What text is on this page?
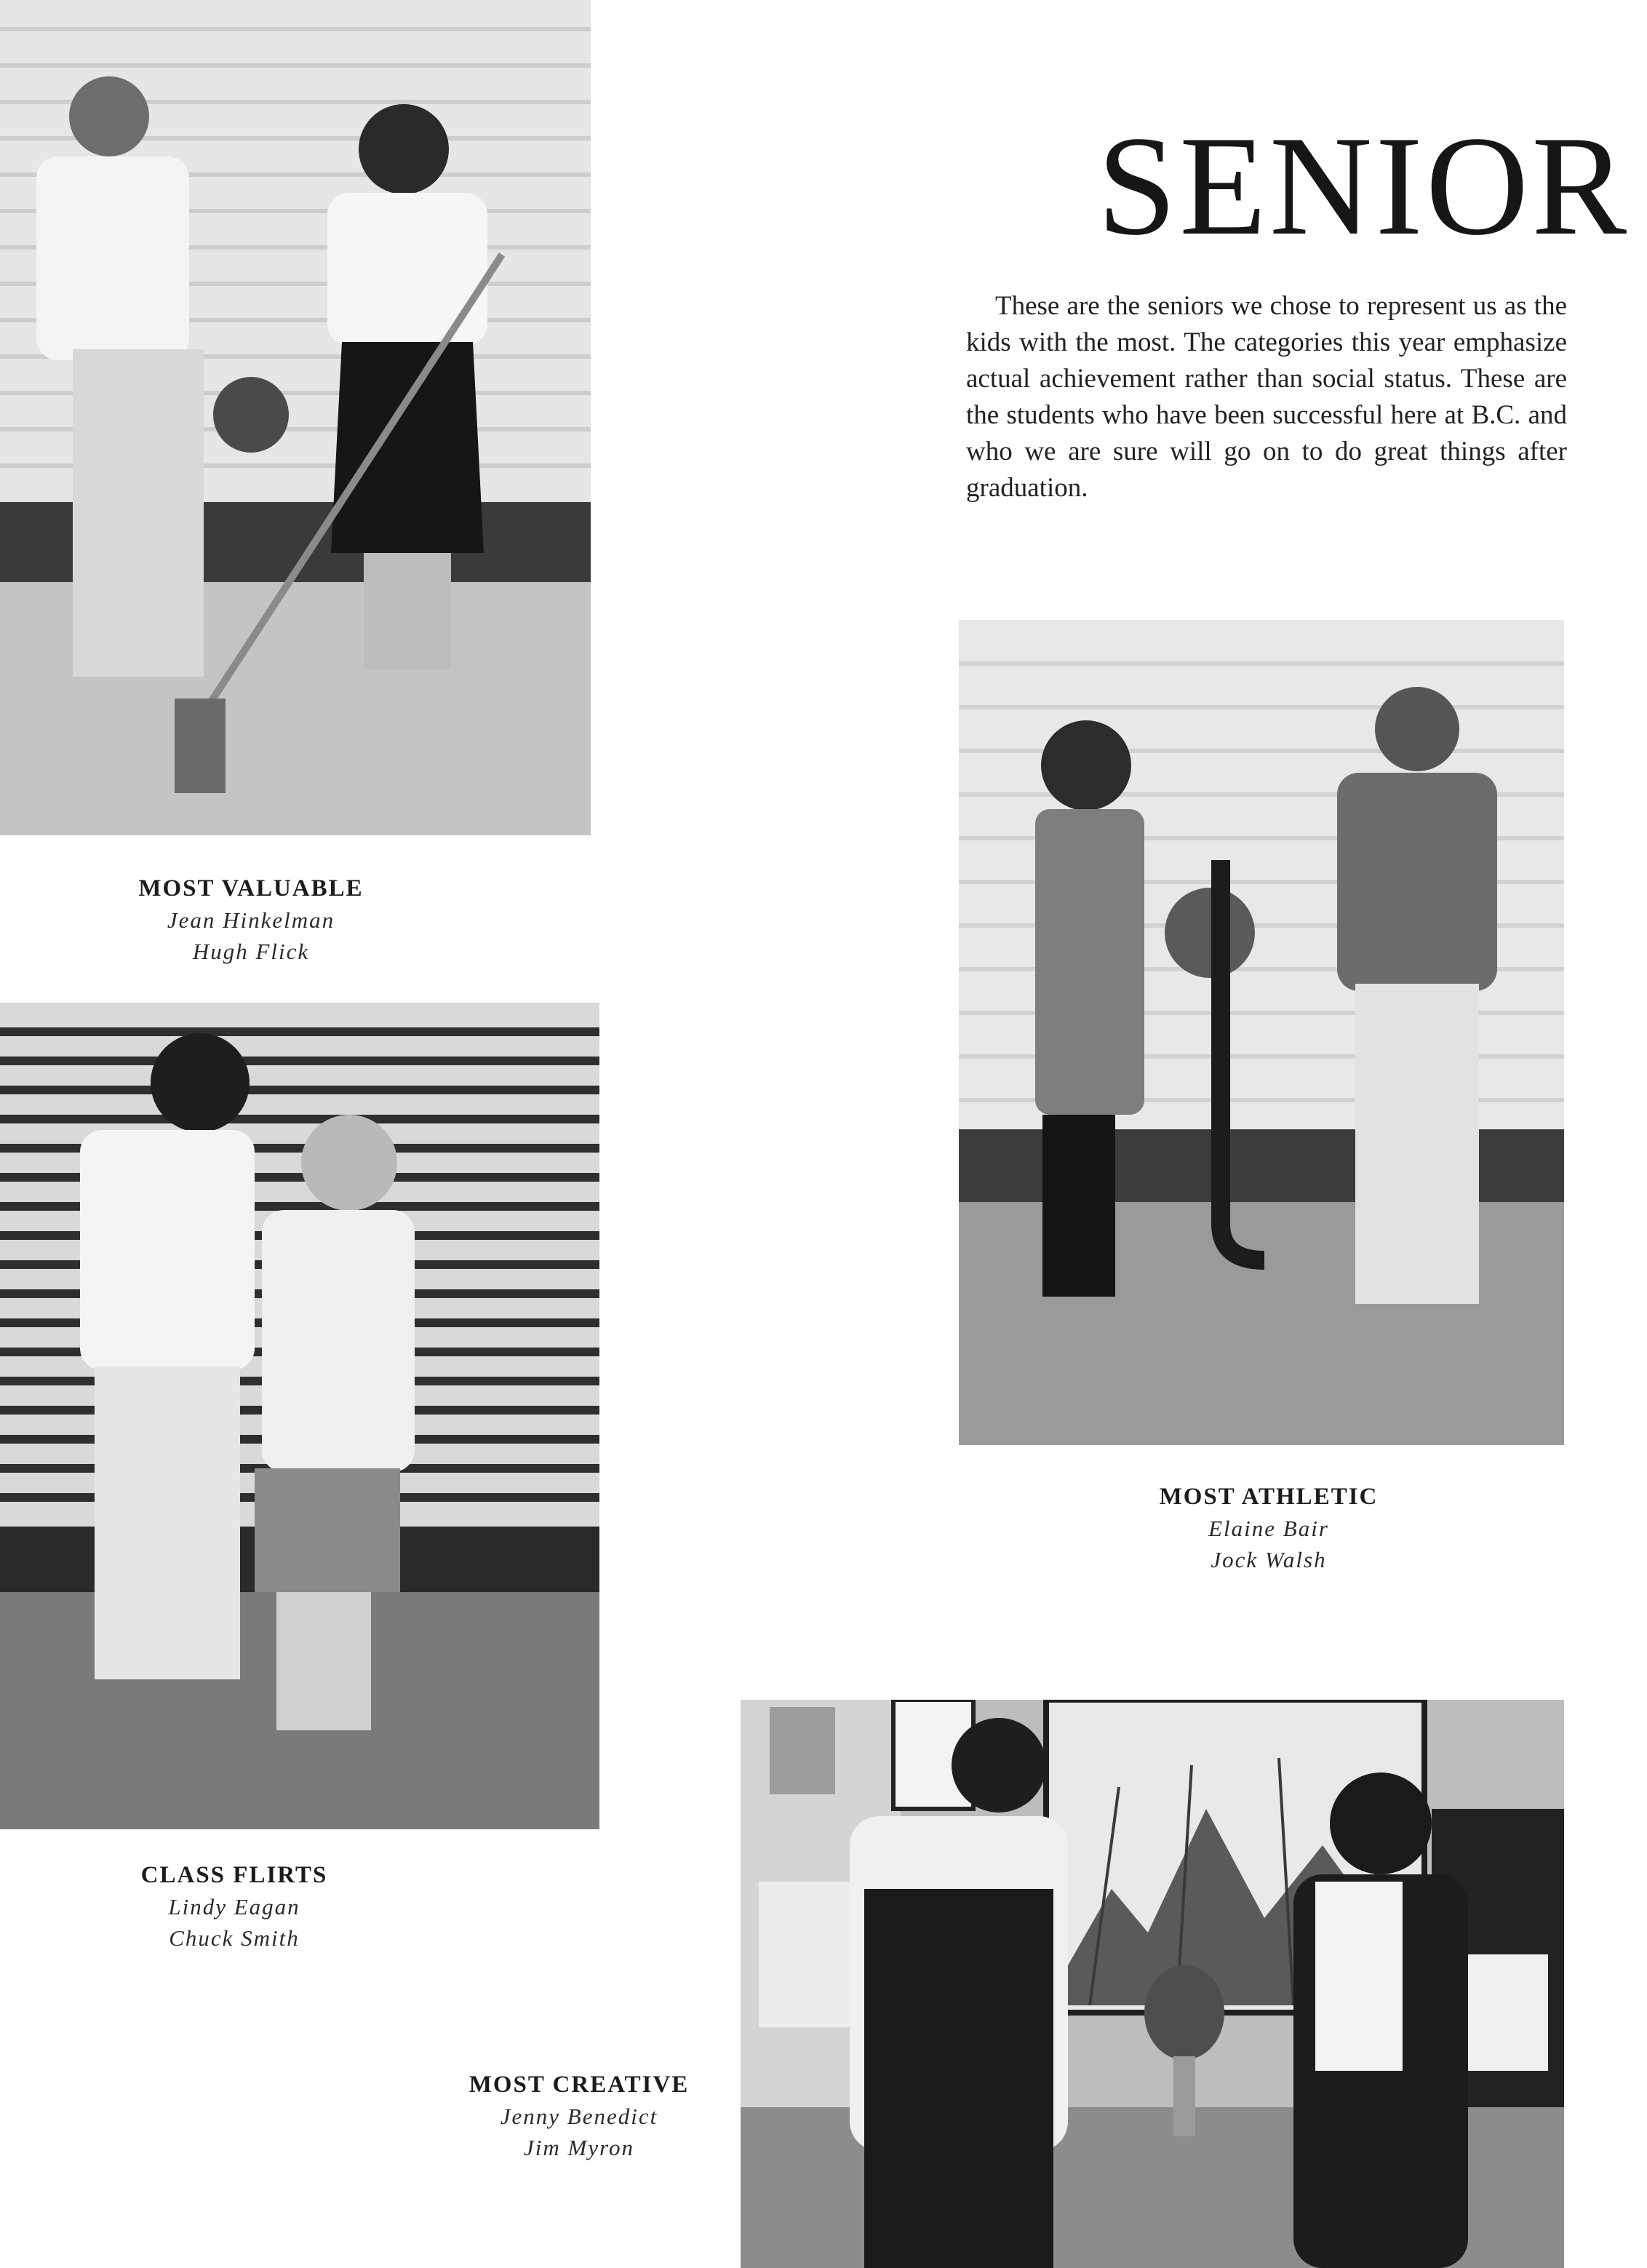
SENIOR
These are the seniors we chose to represent us as the kids with the most. The categories this year emphasize actual achievement rather than social status. These are the students who have been successful here at B.C. and who we are sure will go on to do great things after graduation.
MOST VALUABLE
Jean Hinkelman
Hugh Flick
MOST ATHLETIC
Elaine Bair
Jock Walsh
CLASS FLIRTS
Lindy Eagan
Chuck Smith
MOST CREATIVE
Jenny Benedict
Jim Myron
